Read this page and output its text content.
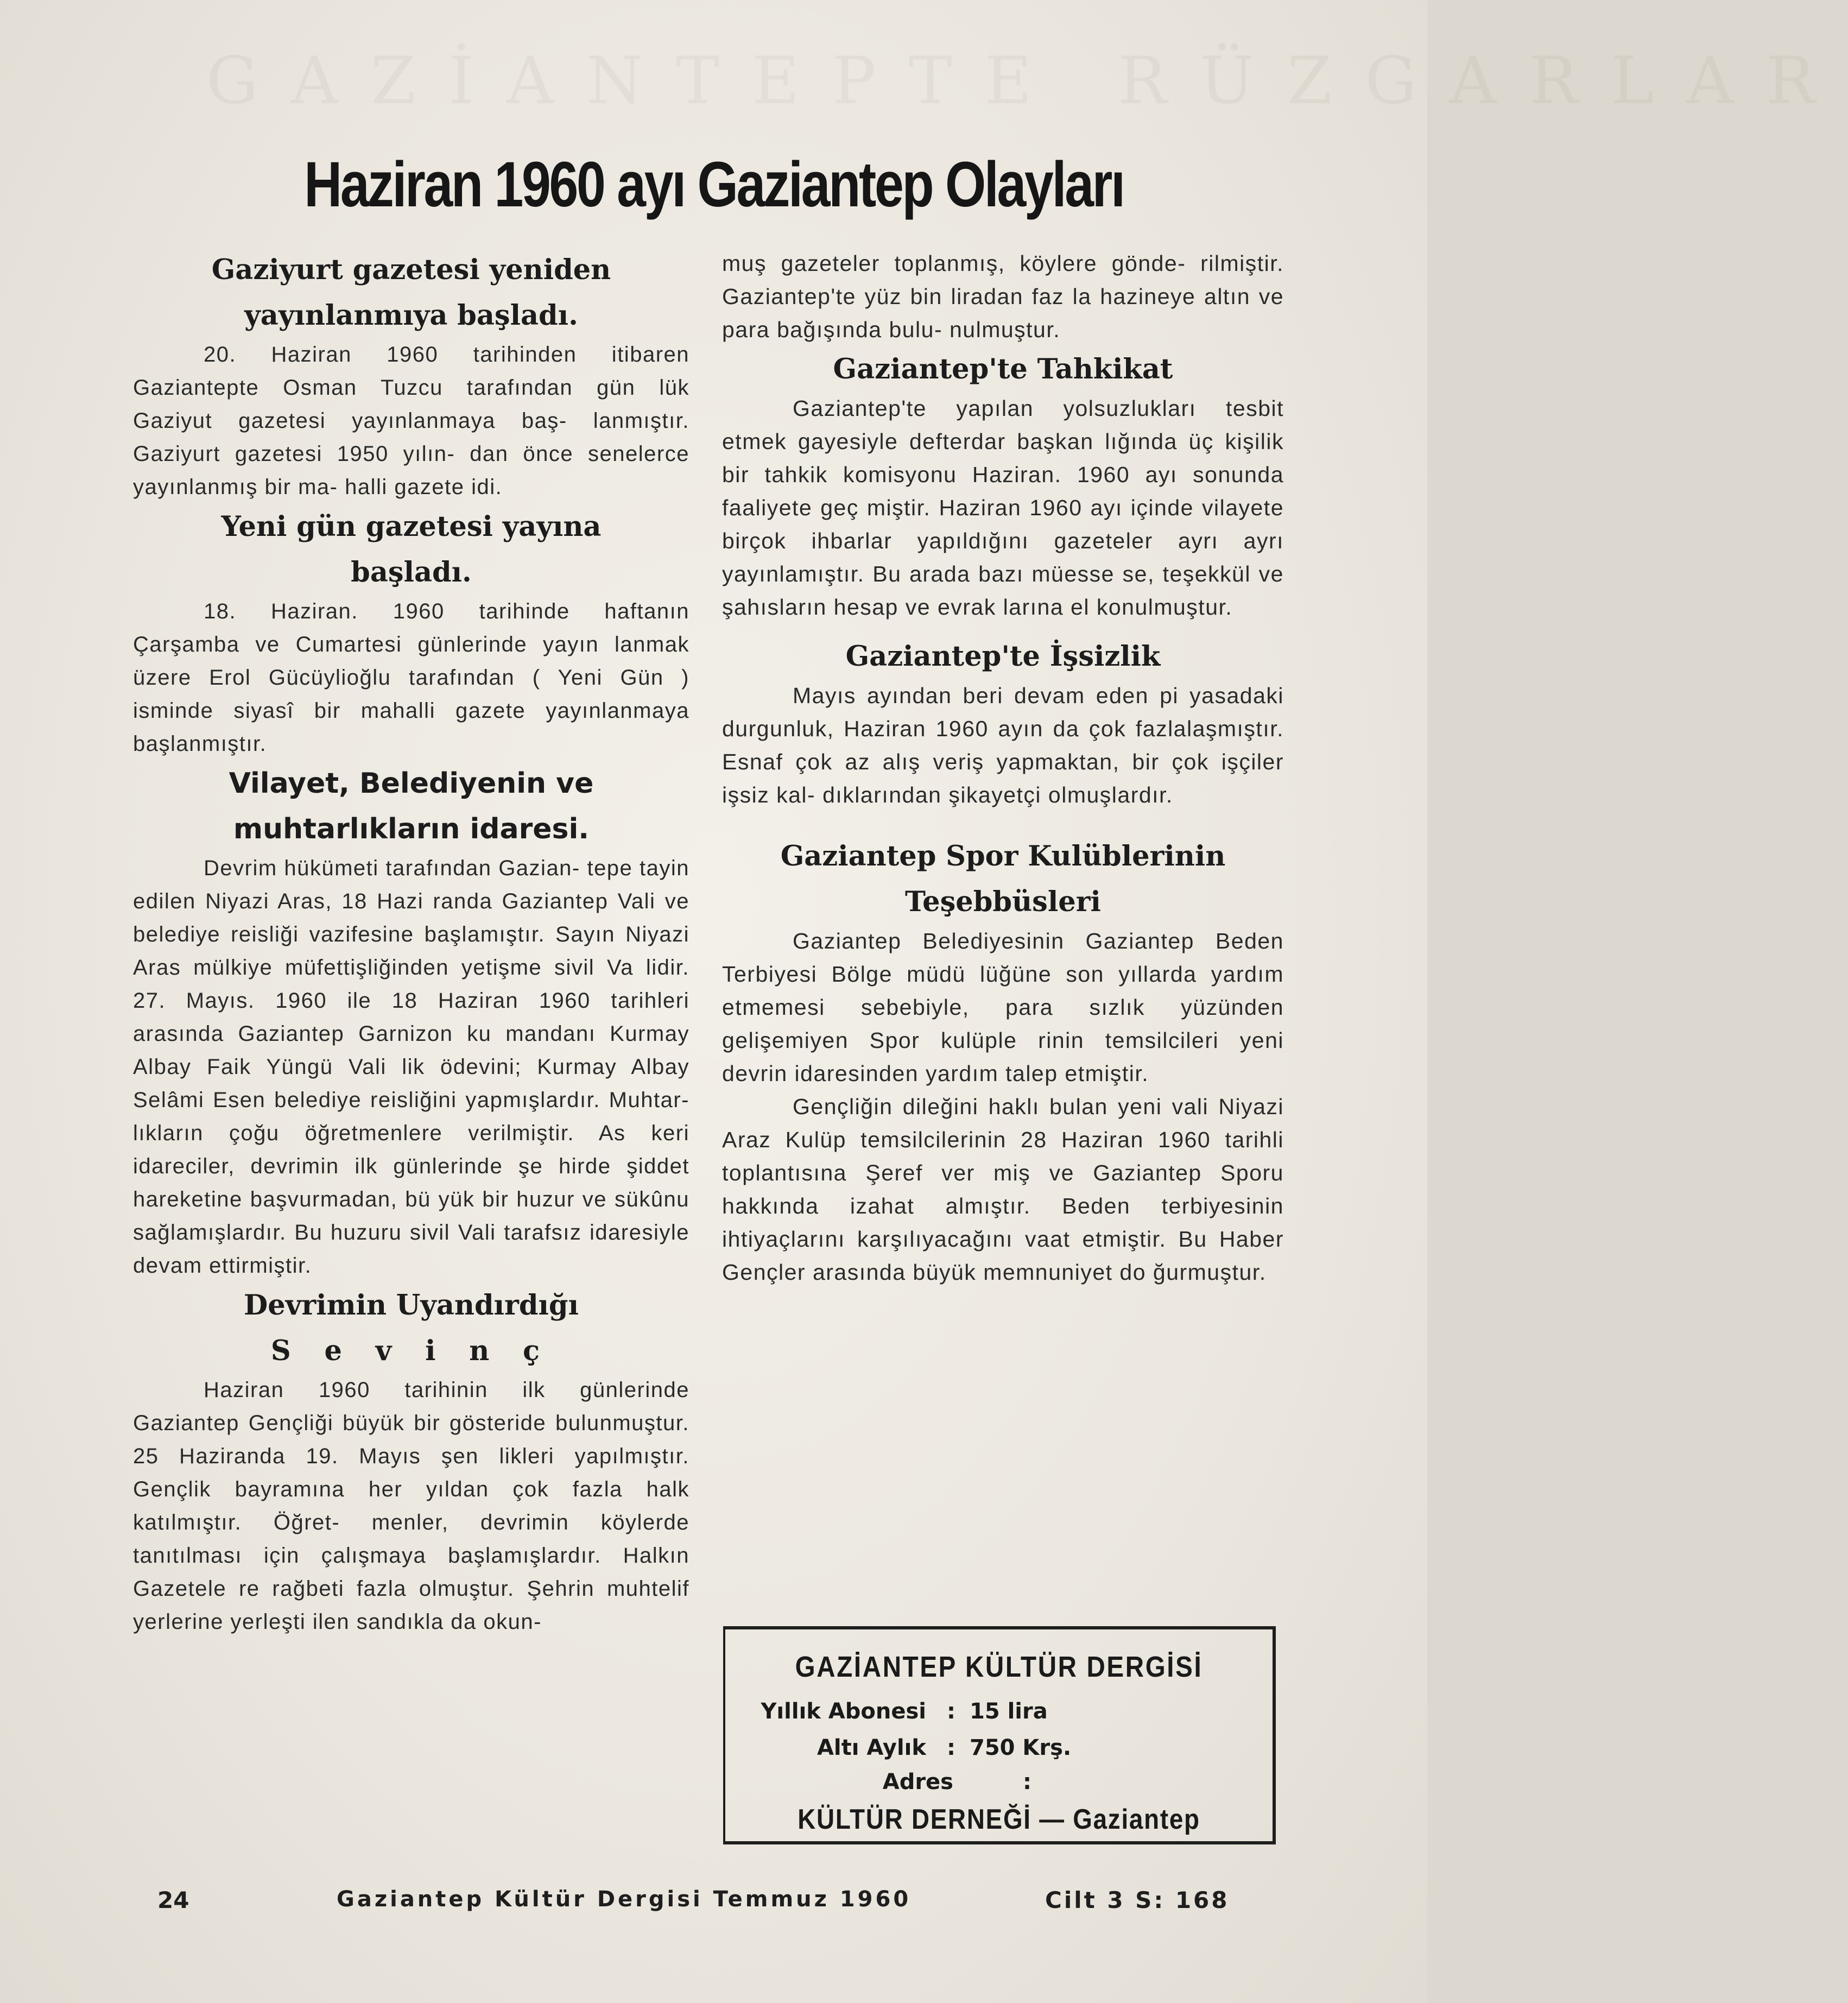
GAZİANTEPTE RÜZGARLAR
Haziran 1960 ayı Gaziantep Olayları
Gaziyurt gazetesi yeniden
yayınlanmıya başladı.

20. Haziran 1960 tarihinden itibaren Gaziantepte Osman Tuzcu tarafından gün lük Gaziyut gazetesi yayınlanmaya baş- lanmıştır. Gaziyurt gazetesi 1950 yılın- dan önce senelerce yayınlanmış bir ma- halli gazete idi.

Yeni gün gazetesi yayına
başladı.

18. Haziran. 1960 tarihinde haftanın Çarşamba ve Cumartesi günlerinde yayın lanmak üzere Erol Gücüylioğlu tarafından ( Yeni Gün ) isminde siyasî bir mahalli gazete yayınlanmaya başlanmıştır.

Vilayet, Belediyenin ve
muhtarlıkların idaresi.

Devrim hükümeti tarafından Gazian- tepe tayin edilen Niyazi Aras, 18 Hazi randa Gaziantep Vali ve belediye reisliği vazifesine başlamıştır. Sayın Niyazi Aras mülkiye müfettişliğinden yetişme sivil Va lidir. 27. Mayıs. 1960 ile 18 Haziran 1960 tarihleri arasında Gaziantep Garnizon ku mandanı Kurmay Albay Faik Yüngü Vali lik ödevini; Kurmay Albay Selâmi Esen belediye reisliğini yapmışlardır. Muhtar- lıkların çoğu öğretmenlere verilmiştir. As keri idareciler, devrimin ilk günlerinde şe hirde şiddet hareketine başvurmadan, bü yük bir huzur ve sükûnu sağlamışlardır. Bu huzuru sivil Vali tarafsız idaresiyle devam ettirmiştir.

Devrimin Uyandırdığı
S e v i n ç

Haziran 1960 tarihinin ilk günlerinde Gaziantep Gençliği büyük bir gösteride bulunmuştur. 25 Haziranda 19. Mayıs şen likleri yapılmıştır. Gençlik bayramına her yıldan çok fazla halk katılmıştır. Öğret- menler, devrimin köylerde tanıtılması için çalışmaya başlamışlardır. Halkın Gazetele re rağbeti fazla olmuştur. Şehrin muhtelif yerlerine yerleşti ilen sandıkla da okun-

muş gazeteler toplanmış, köylere gönde- rilmiştir. Gaziantep'te yüz bin liradan faz la hazineye altın ve para bağışında bulu- nulmuştur.

Gaziantep'te Tahkikat

Gaziantep'te yapılan yolsuzlukları tesbit etmek gayesiyle defterdar başkan lığında üç kişilik bir tahkik komisyonu Haziran. 1960 ayı sonunda faaliyete geç miştir. Haziran 1960 ayı içinde vilayete birçok ihbarlar yapıldığını gazeteler ayrı ayrı yayınlamıştır. Bu arada bazı müesse se, teşekkül ve şahısların hesap ve evrak larına el konulmuştur.

Gaziantep'te İşsizlik

Mayıs ayından beri devam eden pi yasadaki durgunluk, Haziran 1960 ayın da çok fazlalaşmıştır. Esnaf çok az alış veriş yapmaktan, bir çok işçiler işsiz kal- dıklarından şikayetçi olmuşlardır.

Gaziantep Spor Kulüblerinin
Teşebbüsleri

Gaziantep Belediyesinin Gaziantep Beden Terbiyesi Bölge müdü lüğüne son yıllarda yardım etmemesi sebebiyle, para sızlık yüzünden gelişemiyen Spor kulüple rinin temsilcileri yeni devrin idaresinden yardım talep etmiştir.

Gençliğin dileğini haklı bulan yeni vali Niyazi Araz Kulüp temsilcilerinin 28 Haziran 1960 tarihli toplantısına Şeref ver miş ve Gaziantep Sporu hakkında izahat almıştır. Beden terbiyesinin ihtiyaçlarını karşılıyacağını vaat etmiştir. Bu Haber Gençler arasında büyük memnuniyet do ğurmuştur.

GAZİANTEP KÜLTÜR DERGİSİ
Yıllık Abonesi : 15 lira
Altı Aylık : 750 Krş.
Adres	:
KÜLTÜR DERNEĞİ — Gaziantep
24	Gaziantep Kültür Dergisi Temmuz 1960	Cilt 3 S: 168
